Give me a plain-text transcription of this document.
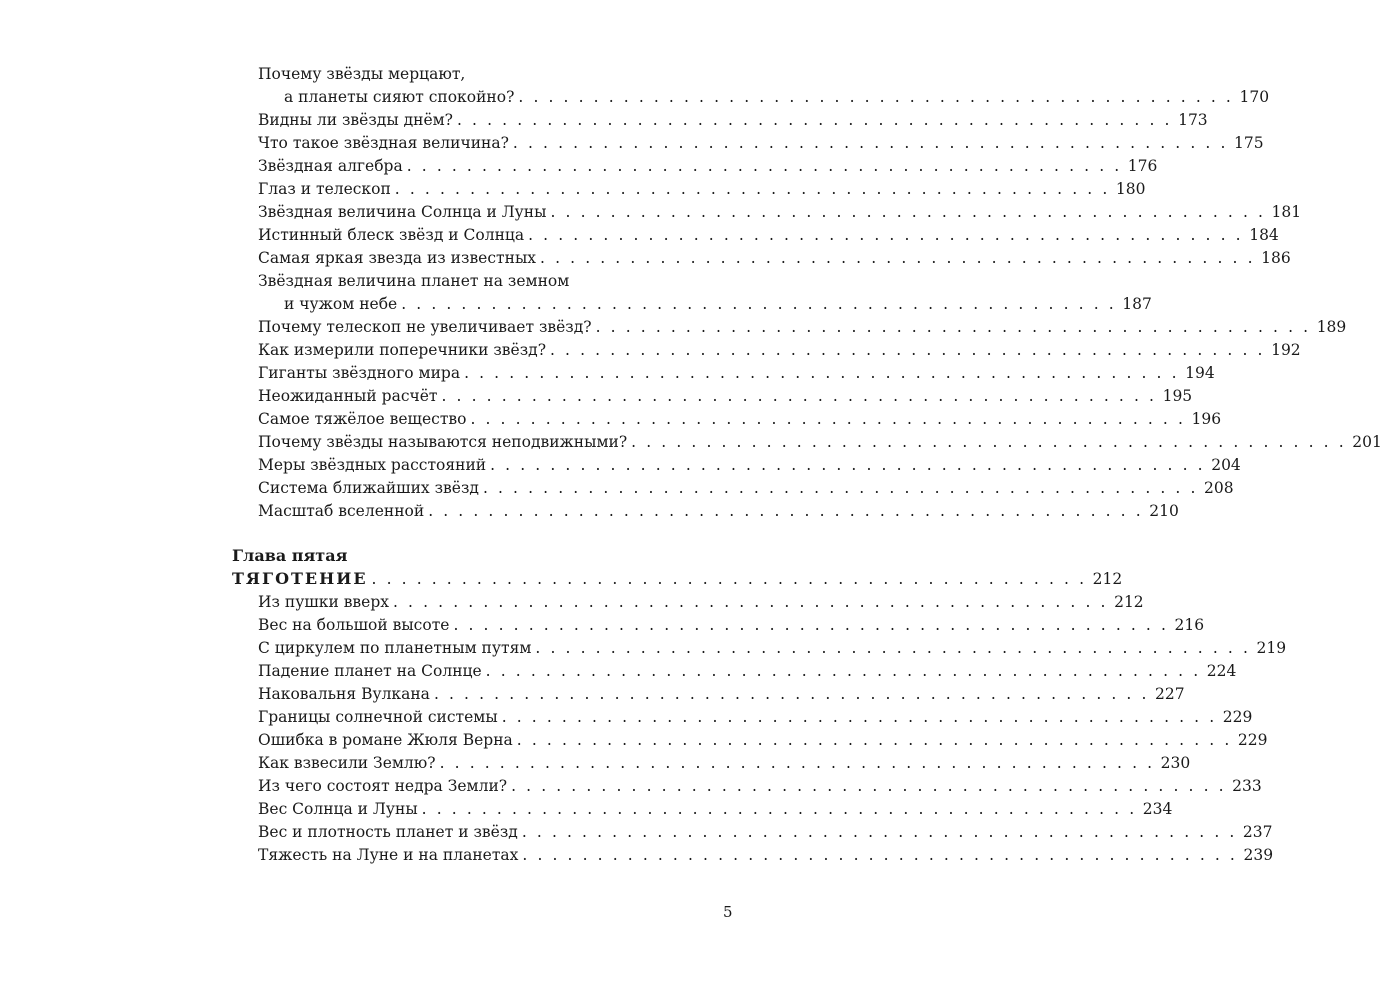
Почему звёзды мерцают,
а планеты сияют спокойно? . . . . . . . . . . . . . . . . . . . . . . . . . . . . . . . . . . . . . . . . . . . . . . . . 170
Видны ли звёзды днём? . . . . . . . . . . . . . . . . . . . . . . . . . . . . . . . . . . . . . . . . . . . . . . . . 173
Что такое звёздная величина? . . . . . . . . . . . . . . . . . . . . . . . . . . . . . . . . . . . . . . . . . . . . . . . . 175
Звёздная алгебра . . . . . . . . . . . . . . . . . . . . . . . . . . . . . . . . . . . . . . . . . . . . . . . . 176
Глаз и телескоп . . . . . . . . . . . . . . . . . . . . . . . . . . . . . . . . . . . . . . . . . . . . . . . . 180
Звёздная величина Солнца и Луны . . . . . . . . . . . . . . . . . . . . . . . . . . . . . . . . . . . . . . . . . . . . . . . . 181
Истинный блеск звёзд и Солнца . . . . . . . . . . . . . . . . . . . . . . . . . . . . . . . . . . . . . . . . . . . . . . . . 184
Самая яркая звезда из известных . . . . . . . . . . . . . . . . . . . . . . . . . . . . . . . . . . . . . . . . . . . . . . . . 186
Звёздная величина планет на земном
и чужом небе . . . . . . . . . . . . . . . . . . . . . . . . . . . . . . . . . . . . . . . . . . . . . . . . 187
Почему телескоп не увеличивает звёзд? . . . . . . . . . . . . . . . . . . . . . . . . . . . . . . . . . . . . . . . . . . . . . . . . 189
Как измерили поперечники звёзд? . . . . . . . . . . . . . . . . . . . . . . . . . . . . . . . . . . . . . . . . . . . . . . . . 192
Гиганты звёздного мира . . . . . . . . . . . . . . . . . . . . . . . . . . . . . . . . . . . . . . . . . . . . . . . . 194
Неожиданный расчёт . . . . . . . . . . . . . . . . . . . . . . . . . . . . . . . . . . . . . . . . . . . . . . . . 195
Самое тяжёлое вещество . . . . . . . . . . . . . . . . . . . . . . . . . . . . . . . . . . . . . . . . . . . . . . . . 196
Почему звёзды называются неподвижными? . . . . . . . . . . . . . . . . . . . . . . . . . . . . . . . . . . . . . . . . . . . . . . . . 201
Меры звёздных расстояний . . . . . . . . . . . . . . . . . . . . . . . . . . . . . . . . . . . . . . . . . . . . . . . . 204
Система ближайших звёзд . . . . . . . . . . . . . . . . . . . . . . . . . . . . . . . . . . . . . . . . . . . . . . . . 208
Масштаб вселенной . . . . . . . . . . . . . . . . . . . . . . . . . . . . . . . . . . . . . . . . . . . . . . . . 210
Глава пятая
ТЯГОТЕНИЕ . . . . . . . . . . . . . . . . . . . . . . . . . . . . . . . . . . . . . . . . . . . . . . . . 212
Из пушки вверх . . . . . . . . . . . . . . . . . . . . . . . . . . . . . . . . . . . . . . . . . . . . . . . . 212
Вес на большой высоте . . . . . . . . . . . . . . . . . . . . . . . . . . . . . . . . . . . . . . . . . . . . . . . . 216
С циркулем по планетным путям . . . . . . . . . . . . . . . . . . . . . . . . . . . . . . . . . . . . . . . . . . . . . . . . 219
Падение планет на Солнце . . . . . . . . . . . . . . . . . . . . . . . . . . . . . . . . . . . . . . . . . . . . . . . . 224
Наковальня Вулкана . . . . . . . . . . . . . . . . . . . . . . . . . . . . . . . . . . . . . . . . . . . . . . . . 227
Границы солнечной системы . . . . . . . . . . . . . . . . . . . . . . . . . . . . . . . . . . . . . . . . . . . . . . . . 229
Ошибка в романе Жюля Верна . . . . . . . . . . . . . . . . . . . . . . . . . . . . . . . . . . . . . . . . . . . . . . . . 229
Как взвесили Землю? . . . . . . . . . . . . . . . . . . . . . . . . . . . . . . . . . . . . . . . . . . . . . . . . 230
Из чего состоят недра Земли? . . . . . . . . . . . . . . . . . . . . . . . . . . . . . . . . . . . . . . . . . . . . . . . . 233
Вес Солнца и Луны . . . . . . . . . . . . . . . . . . . . . . . . . . . . . . . . . . . . . . . . . . . . . . . . 234
Вес и плотность планет и звёзд . . . . . . . . . . . . . . . . . . . . . . . . . . . . . . . . . . . . . . . . . . . . . . . . 237
Тяжесть на Луне и на планетах . . . . . . . . . . . . . . . . . . . . . . . . . . . . . . . . . . . . . . . . . . . . . . . . 239
5
